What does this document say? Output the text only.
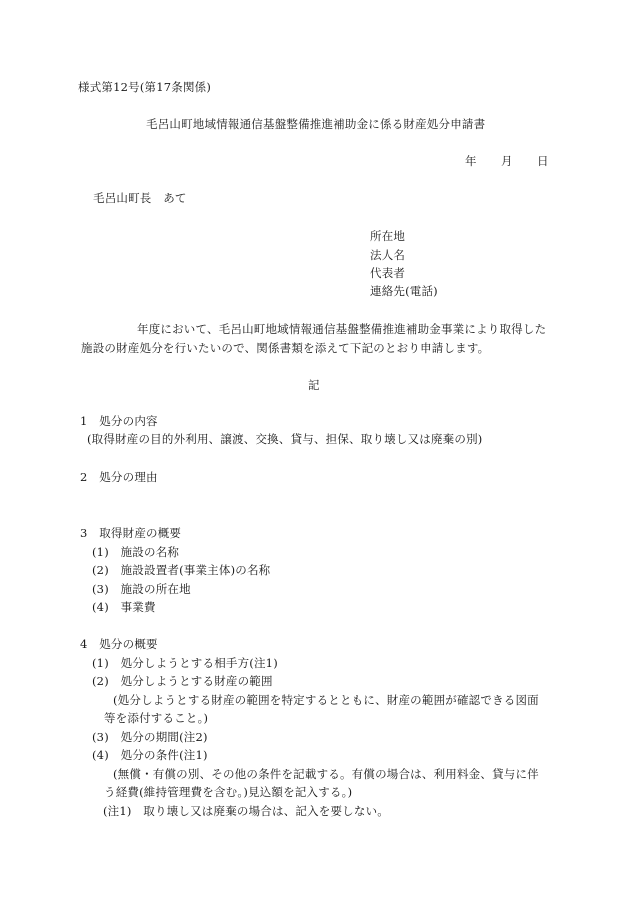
様式第12号(第17条関係)
毛呂山町地域情報通信基盤整備推進補助金に係る財産処分申請書
年 月 日
毛呂山町長　あて
所在地
法人名
代表者
連絡先(電話)
年度において、毛呂山町地域情報通信基盤整備推進補助金事業により取得した
施設の財産処分を行いたいので、関係書類を添えて下記のとおり申請します。
記
1　処分の内容
(取得財産の目的外利用、譲渡、交換、貸与、担保、取り壊し又は廃棄の別)
2　処分の理由
3　取得財産の概要
(1)　施設の名称
(2)　施設設置者(事業主体)の名称
(3)　施設の所在地
(4)　事業費
4　処分の概要
(1)　処分しようとする相手方(注1)
(2)　処分しようとする財産の範囲
(処分しようとする財産の範囲を特定するとともに、財産の範囲が確認できる図面
等を添付すること。)
(3)　処分の期間(注2)
(4)　処分の条件(注1)
(無償・有償の別、その他の条件を記載する。有償の場合は、利用料金、貸与に伴
う経費(維持管理費を含む。)見込額を記入する。)
(注1)　取り壊し又は廃棄の場合は、記入を要しない。
